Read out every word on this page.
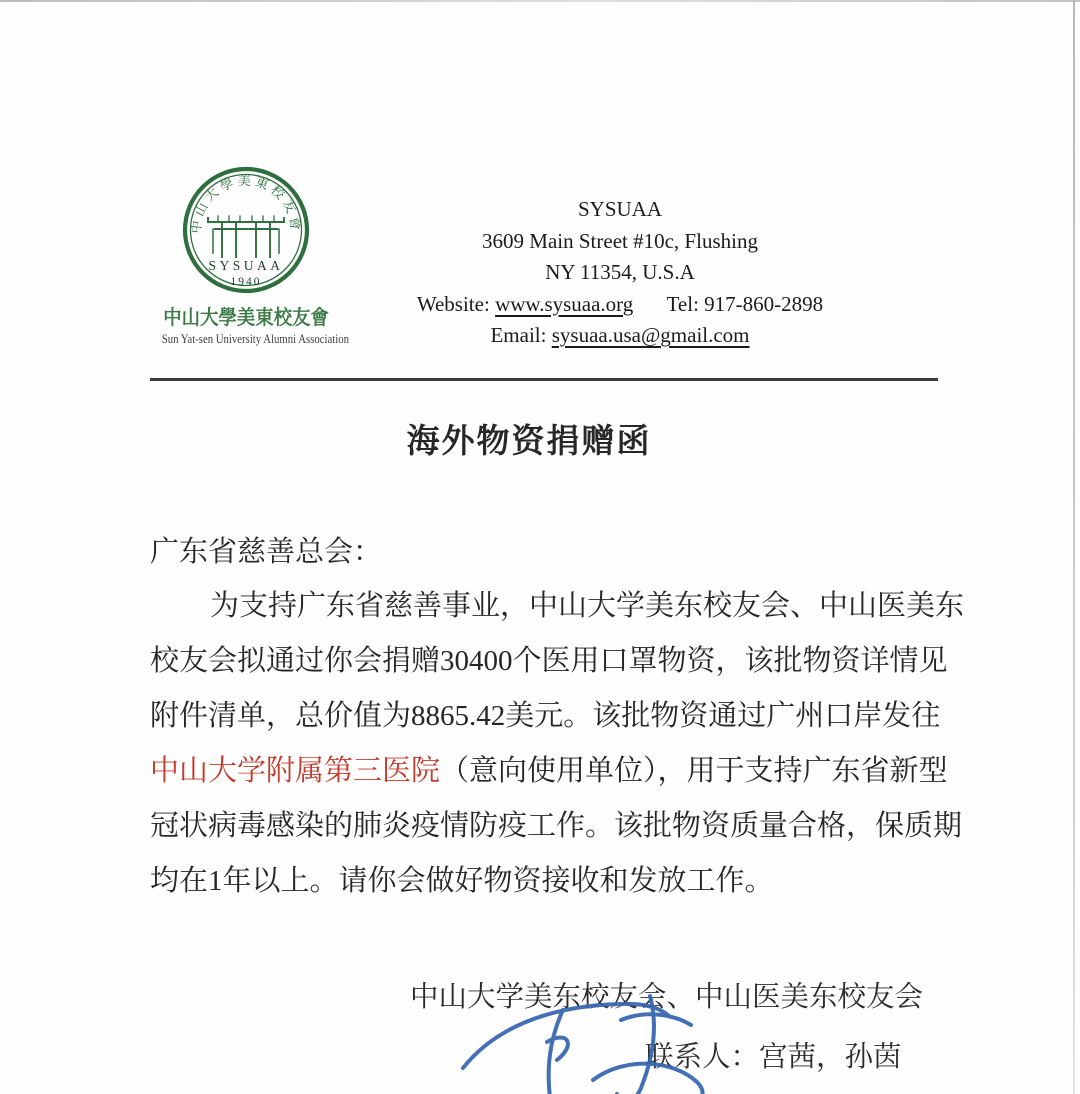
中山大學美東校友會
SYSUAA
1940
中山大學美東校友會
Sun Yat-sen University Alumni Association
SYSUAA
3609 Main Street #10c, Flushing
NY 11354, U.S.A
Website: www.sysuaa.org Tel: 917-860-2898
Email: sysuaa.usa@gmail.com
海外物资捐赠函

广东省慈善总会：

为支持广东省慈善事业，中山大学美东校友会、中山医美东
校友会拟通过你会捐赠30400个医用口罩物资，该批物资详情见
附件清单，总价值为8865.42美元。该批物资通过广州口岸发往
中山大学附属第三医院（意向使用单位），用于支持广东省新型
冠状病毒感染的肺炎疫情防疫工作。该批物资质量合格，保质期
均在1年以上。请你会做好物资接收和发放工作。
中山大学美东校友会、中山医美东校友会
联系人：宫茜，孙茵
